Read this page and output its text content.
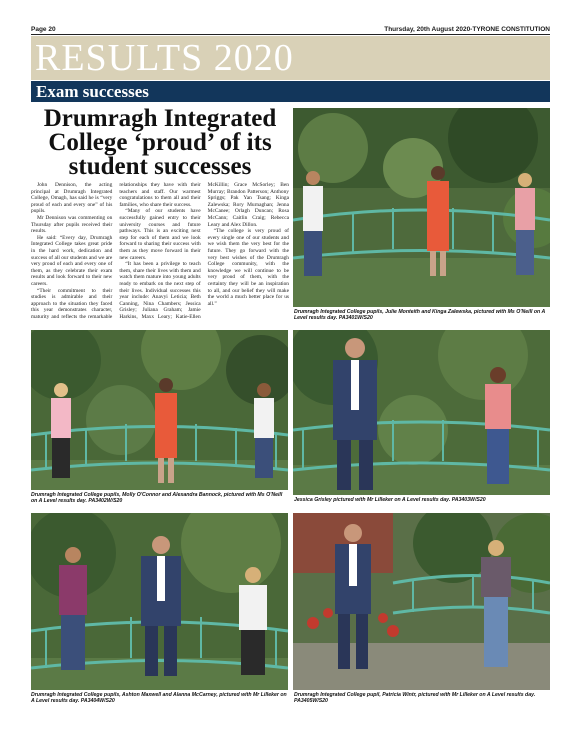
Page 20	Thursday, 20th August 2020-TYRONE CONSTITUTION
RESULTS 2020
Exam successes
Drumragh Integrated College ‘proud’ of its student successes

John Dennison, the acting principal at Drumragh Integrated College, Omagh, has said he is “very proud of each and every one” of his pupils.

Mr Dennison was commenting on Thursday after pupils received their results.

He said: “Every day, Drumragh Integrated College takes great pride in the hard work, dedication and success of all our students and we are very proud of each and every one of them, as they celebrate their exam results and look forward to their new careers.

“Their commitment to their studies is admirable and their approach to the situation they faced this year demonstrates character, maturity and reflects the remarkable relationships they have with their teachers and staff. Our warmest congratulations to them all and their families, who share their success.

“Many of our students have successfully gained entry to their university courses and future pathways. This is an exciting next step for each of them and we look forward to sharing their success with them as they move forward in their new careers.

“It has been a privilege to teach them, share their lives with them and watch them mature into young adults ready to embark on the next step of their lives. Individual successes this year include: Anavyi Leticia; Beth Canning, Nina Chambers; Jessica Grisley; Juliana Graham; Jamie Harkins, Maxx Leary; Katie-Ellen McKillin; Grace McSorley; Ben Murray; Brandon Patterson; Anthony Spriggs; Pak Yan Tsang; Kinga Zalewska; Rory Murnaghan; Jenna McCanee; Orlagh Duncan; Rosa McCann; Caitlin Craig; Rebecca Leary and Alex Dillon.

“The college is very proud of every single one of our students and we wish them the very best for the future. They go forward with the very best wishes of the Drumragh College community, with the knowledge we will continue to be very proud of them, with the certainty they will be an inspiration to all, and our belief they will make the world a much better place for us all.”

Drumragh Integrated College pupils, Julie Monteith and Kinga Zalewska, pictured with Ms O'Neill on A Level results day. PA3401W/S20
Drumragh Integrated College pupils, Molly O'Connor and Alexandra Bannock, pictured with Ms O'Neill on A Level results day. PA3402W/S20	Jessica Grisley pictured with Mr Lilleker on A Level results day. PA3403W/S20
Drumragh Integrated College pupils, Ashton Maxwell and Alanna McCarney, pictured with Mr Lilleker on A Level results day. PA3404W/S20
Drumragh Integrated College pupil, Patricia Wintr, pictured with Mr Lilleker on A Level results day. PA3405W/S20
